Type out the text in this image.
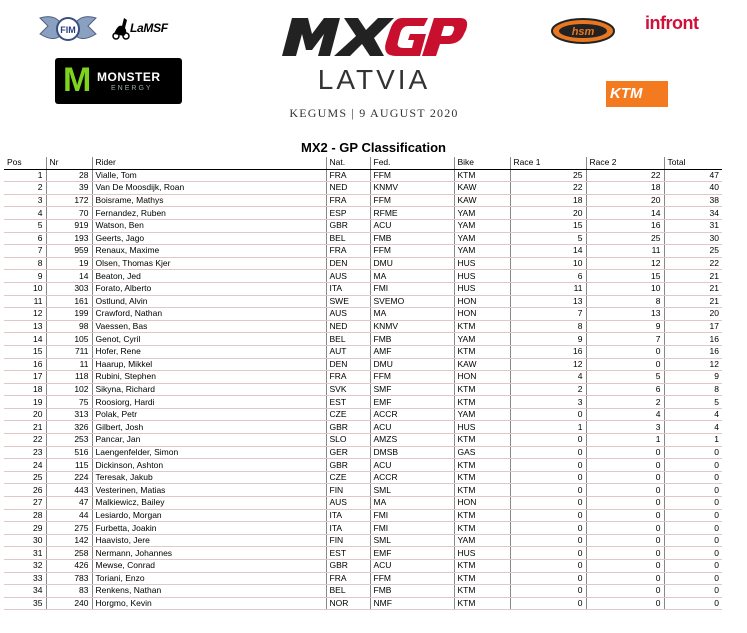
FIM	LaMSF
M MONSTER
ENERGY
MXGP
LATVIA
KEGUMS | 9 AUGUST 2020
hsm	infront
KTM
MX2 - GP Classification
Pos	Nr	Rider	Nat.	Fed.	Bike	Race 1	Race 2	Total
1	28	Vialle, Tom	FRA	FFM	KTM	25	22	47
2	39	Van De Moosdijk, Roan	NED	KNMV	KAW	22	18	40
3	172	Boisrame, Mathys	FRA	FFM	KAW	18	20	38
4	70	Fernandez, Ruben	ESP	RFME	YAM	20	14	34
5	919	Watson, Ben	GBR	ACU	YAM	15	16	31
6	193	Geerts, Jago	BEL	FMB	YAM	5	25	30
7	959	Renaux, Maxime	FRA	FFM	YAM	14	11	25
8	19	Olsen, Thomas Kjer	DEN	DMU	HUS	10	12	22
9	14	Beaton, Jed	AUS	MA	HUS	6	15	21
10	303	Forato, Alberto	ITA	FMI	HUS	11	10	21
11	161	Ostlund, Alvin	SWE	SVEMO	HON	13	8	21
12	199	Crawford, Nathan	AUS	MA	HON	7	13	20
13	98	Vaessen, Bas	NED	KNMV	KTM	8	9	17
14	105	Genot, Cyril	BEL	FMB	YAM	9	7	16
15	711	Hofer, Rene	AUT	AMF	KTM	16	0	16
16	11	Haarup, Mikkel	DEN	DMU	KAW	12	0	12
17	118	Rubini, Stephen	FRA	FFM	HON	4	5	9
18	102	Sikyna, Richard	SVK	SMF	KTM	2	6	8
19	75	Roosiorg, Hardi	EST	EMF	KTM	3	2	5
20	313	Polak, Petr	CZE	ACCR	YAM	0	4	4
21	326	Gilbert, Josh	GBR	ACU	HUS	1	3	4
22	253	Pancar, Jan	SLO	AMZS	KTM	0	1	1
23	516	Laengenfelder, Simon	GER	DMSB	GAS	0	0	0
24	115	Dickinson, Ashton	GBR	ACU	KTM	0	0	0
25	224	Teresak, Jakub	CZE	ACCR	KTM	0	0	0
26	443	Vesterinen, Matias	FIN	SML	KTM	0	0	0
27	47	Malkiewicz, Bailey	AUS	MA	HON	0	0	0
28	44	Lesiardo, Morgan	ITA	FMI	KTM	0	0	0
29	275	Furbetta, Joakin	ITA	FMI	KTM	0	0	0
30	142	Haavisto, Jere	FIN	SML	YAM	0	0	0
31	258	Nermann, Johannes	EST	EMF	HUS	0	0	0
32	426	Mewse, Conrad	GBR	ACU	KTM	0	0	0
33	783	Toriani, Enzo	FRA	FFM	KTM	0	0	0
34	83	Renkens, Nathan	BEL	FMB	KTM	0	0	0
35	240	Horgmo, Kevin	NOR	NMF	KTM	0	0	0
